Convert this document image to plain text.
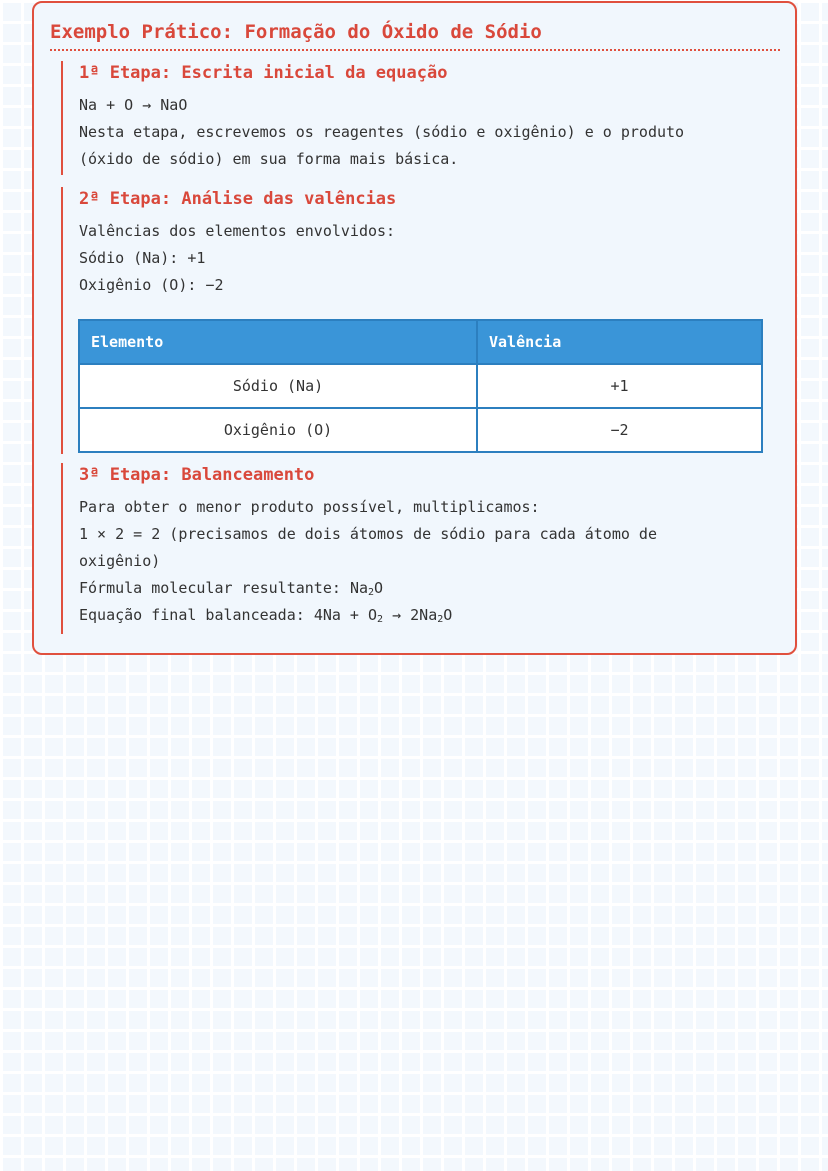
Exemplo Prático: Formação do Óxido de Sódio
1ª Etapa: Escrita inicial da equação
Na + O → NaO
Nesta etapa, escrevemos os reagentes (sódio e oxigênio) e o produto
(óxido de sódio) em sua forma mais básica.
2ª Etapa: Análise das valências
Valências dos elementos envolvidos:
Sódio (Na): +1
Oxigênio (O): −2
Elemento	Valência
Sódio (Na)	+1
Oxigênio (O)	−2
3ª Etapa: Balanceamento
Para obter o menor produto possível, multiplicamos:
1 × 2 = 2 (precisamos de dois átomos de sódio para cada átomo de
oxigênio)
Fórmula molecular resultante: $Na_2O$
Equação final balanceada: $4Na + O_2 \to 2Na_2O$
